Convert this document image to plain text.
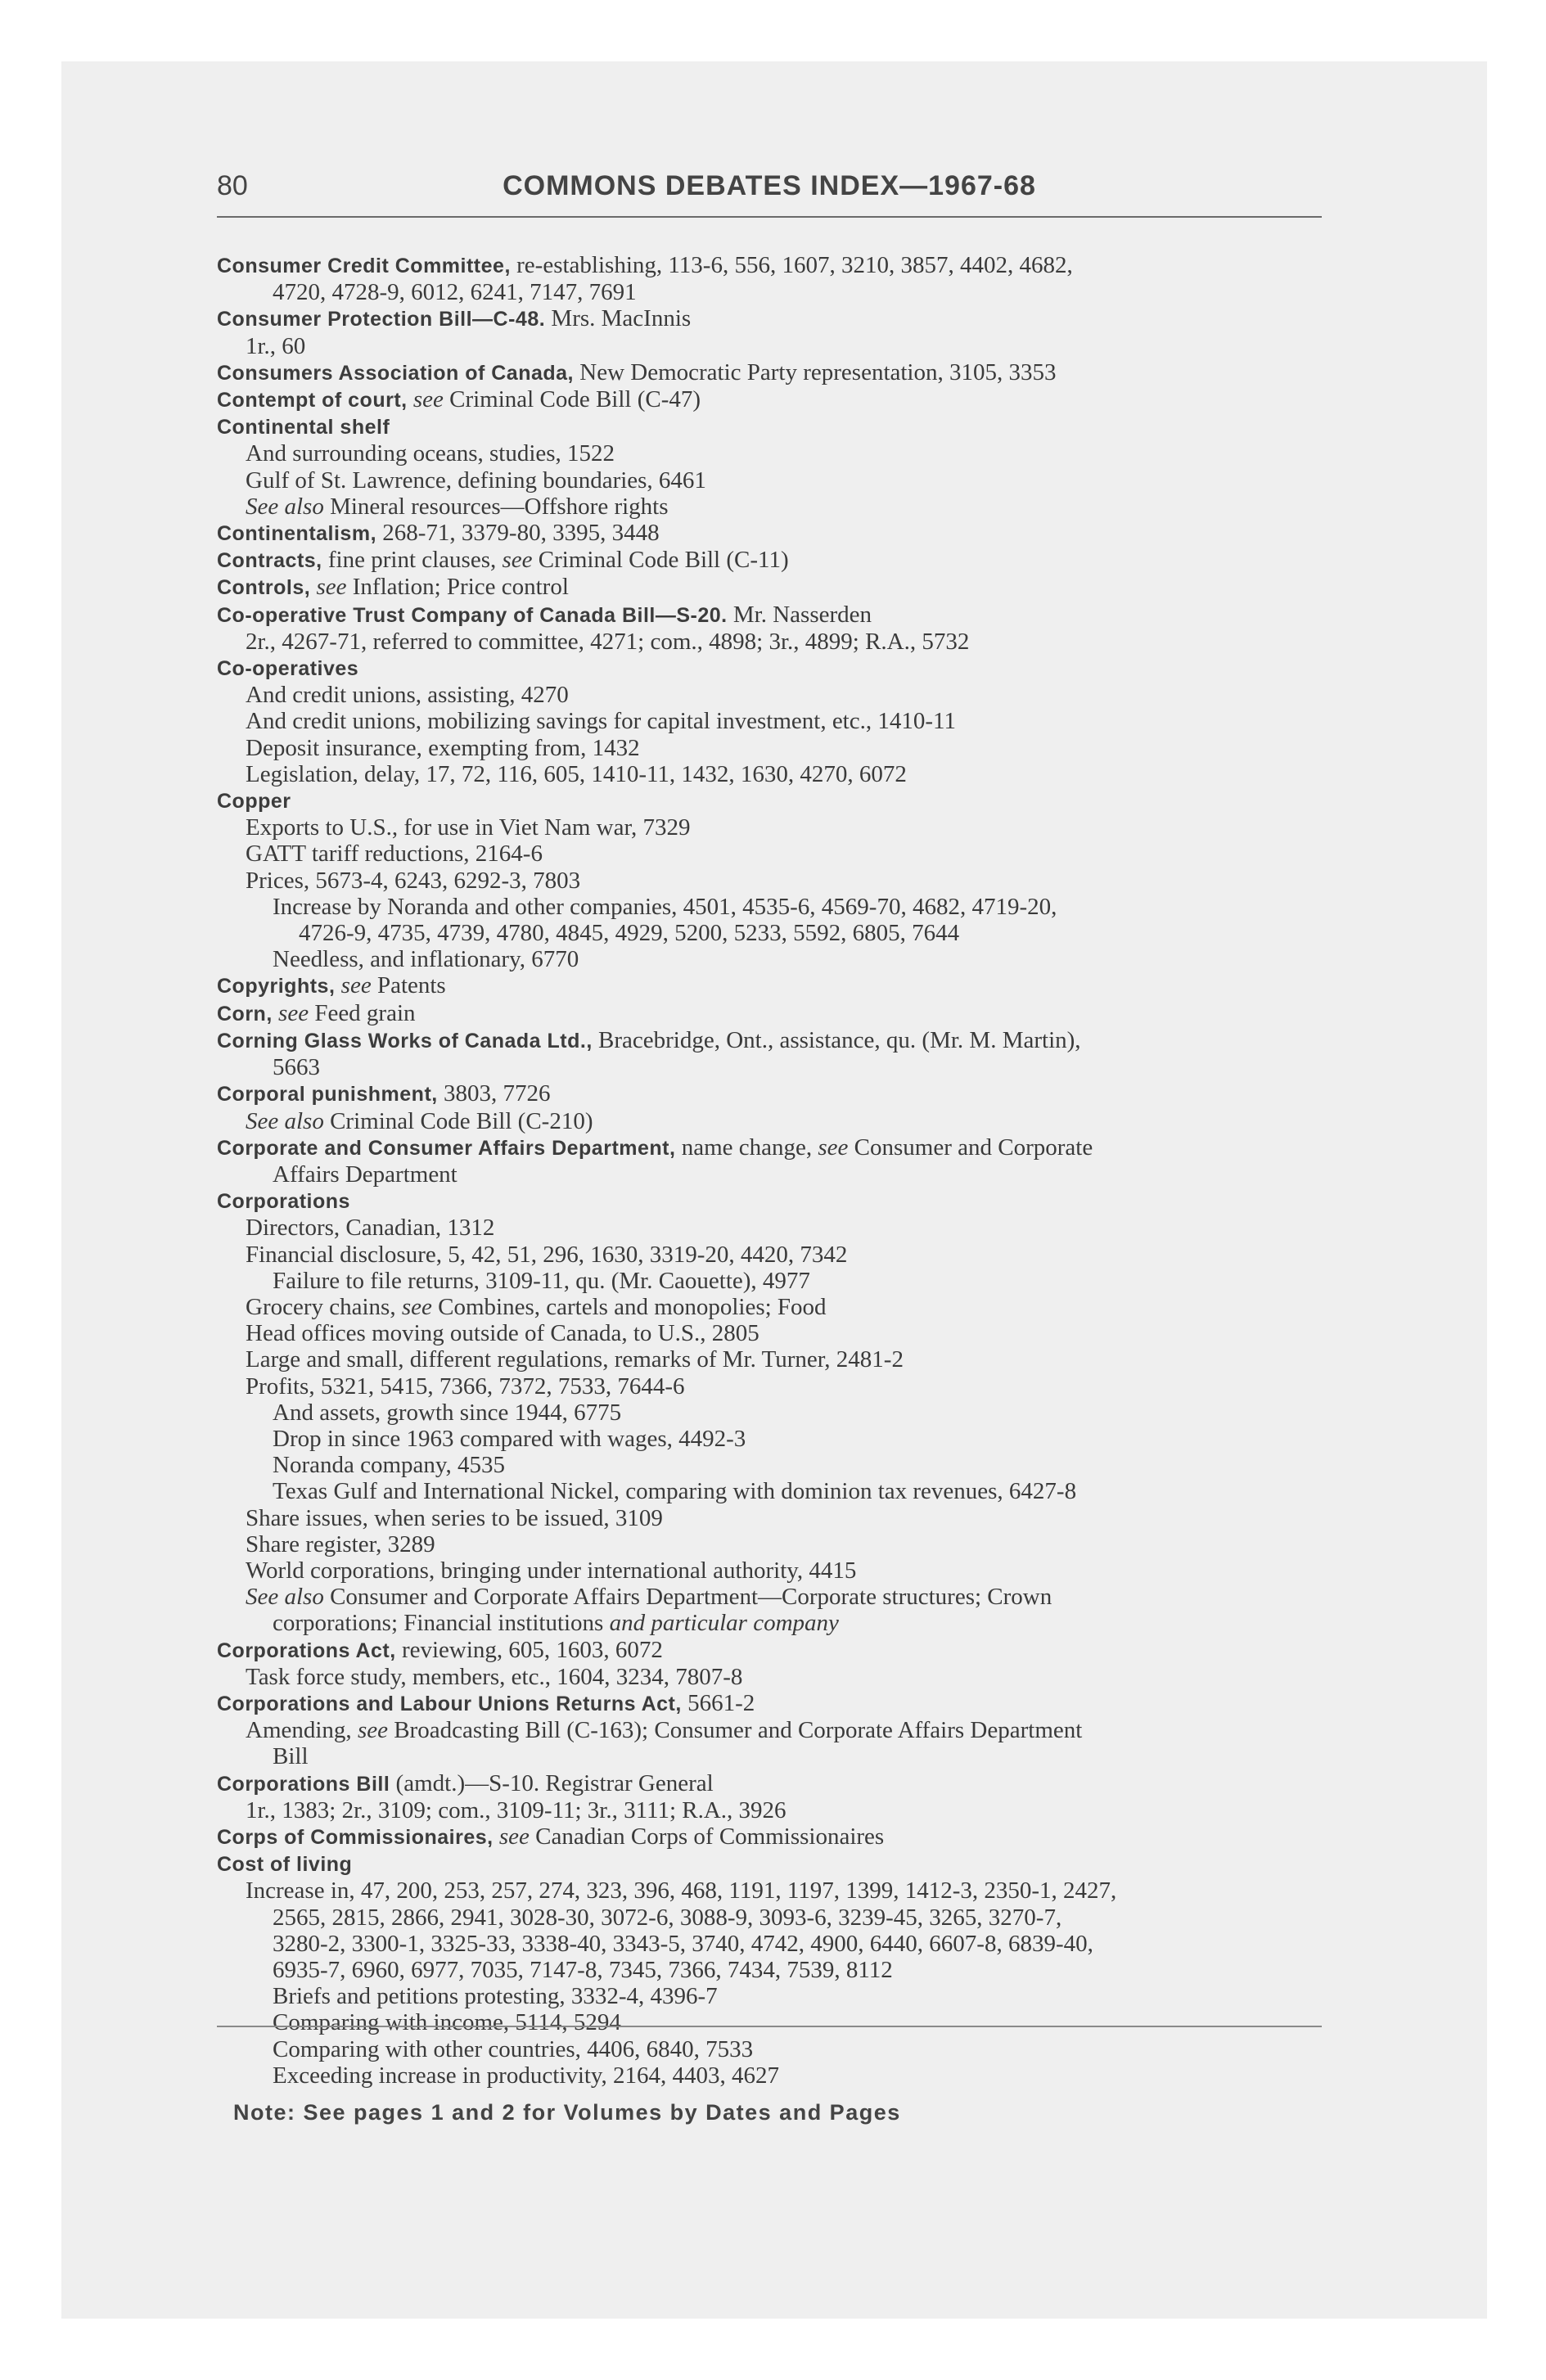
80	COMMONS DEBATES INDEX—1967-68
Consumer Credit Committee, re-establishing, 113-6, 556, 1607, 3210, 3857, 4402, 4682,
4720, 4728-9, 6012, 6241, 7147, 7691
Consumer Protection Bill—C-48. Mrs. MacInnis
1r., 60
Consumers Association of Canada, New Democratic Party representation, 3105, 3353
Contempt of court, see Criminal Code Bill (C-47)
Continental shelf
And surrounding oceans, studies, 1522
Gulf of St. Lawrence, defining boundaries, 6461
See also Mineral resources—Offshore rights
Continentalism, 268-71, 3379-80, 3395, 3448
Contracts, fine print clauses, see Criminal Code Bill (C-11)
Controls, see Inflation; Price control
Co-operative Trust Company of Canada Bill—S-20. Mr. Nasserden
2r., 4267-71, referred to committee, 4271; com., 4898; 3r., 4899; R.A., 5732
Co-operatives
And credit unions, assisting, 4270
And credit unions, mobilizing savings for capital investment, etc., 1410-11
Deposit insurance, exempting from, 1432
Legislation, delay, 17, 72, 116, 605, 1410-11, 1432, 1630, 4270, 6072
Copper
Exports to U.S., for use in Viet Nam war, 7329
GATT tariff reductions, 2164-6
Prices, 5673-4, 6243, 6292-3, 7803
Increase by Noranda and other companies, 4501, 4535-6, 4569-70, 4682, 4719-20,
4726-9, 4735, 4739, 4780, 4845, 4929, 5200, 5233, 5592, 6805, 7644
Needless, and inflationary, 6770
Copyrights, see Patents
Corn, see Feed grain
Corning Glass Works of Canada Ltd., Bracebridge, Ont., assistance, qu. (Mr. M. Martin),
5663
Corporal punishment, 3803, 7726
See also Criminal Code Bill (C-210)
Corporate and Consumer Affairs Department, name change, see Consumer and Corporate
Affairs Department
Corporations
Directors, Canadian, 1312
Financial disclosure, 5, 42, 51, 296, 1630, 3319-20, 4420, 7342
Failure to file returns, 3109-11, qu. (Mr. Caouette), 4977
Grocery chains, see Combines, cartels and monopolies; Food
Head offices moving outside of Canada, to U.S., 2805
Large and small, different regulations, remarks of Mr. Turner, 2481-2
Profits, 5321, 5415, 7366, 7372, 7533, 7644-6
And assets, growth since 1944, 6775
Drop in since 1963 compared with wages, 4492-3
Noranda company, 4535
Texas Gulf and International Nickel, comparing with dominion tax revenues, 6427-8
Share issues, when series to be issued, 3109
Share register, 3289
World corporations, bringing under international authority, 4415
See also Consumer and Corporate Affairs Department—Corporate structures; Crown
corporations; Financial institutions and particular company
Corporations Act, reviewing, 605, 1603, 6072
Task force study, members, etc., 1604, 3234, 7807-8
Corporations and Labour Unions Returns Act, 5661-2
Amending, see Broadcasting Bill (C-163); Consumer and Corporate Affairs Department
Bill
Corporations Bill (amdt.)—S-10. Registrar General
1r., 1383; 2r., 3109; com., 3109-11; 3r., 3111; R.A., 3926
Corps of Commissionaires, see Canadian Corps of Commissionaires
Cost of living
Increase in, 47, 200, 253, 257, 274, 323, 396, 468, 1191, 1197, 1399, 1412-3, 2350-1, 2427,
2565, 2815, 2866, 2941, 3028-30, 3072-6, 3088-9, 3093-6, 3239-45, 3265, 3270-7,
3280-2, 3300-1, 3325-33, 3338-40, 3343-5, 3740, 4742, 4900, 6440, 6607-8, 6839-40,
6935-7, 6960, 6977, 7035, 7147-8, 7345, 7366, 7434, 7539, 8112
Briefs and petitions protesting, 3332-4, 4396-7
Comparing with income, 5114, 5294
Comparing with other countries, 4406, 6840, 7533
Exceeding increase in productivity, 2164, 4403, 4627
Note: See pages 1 and 2 for Volumes by Dates and Pages
